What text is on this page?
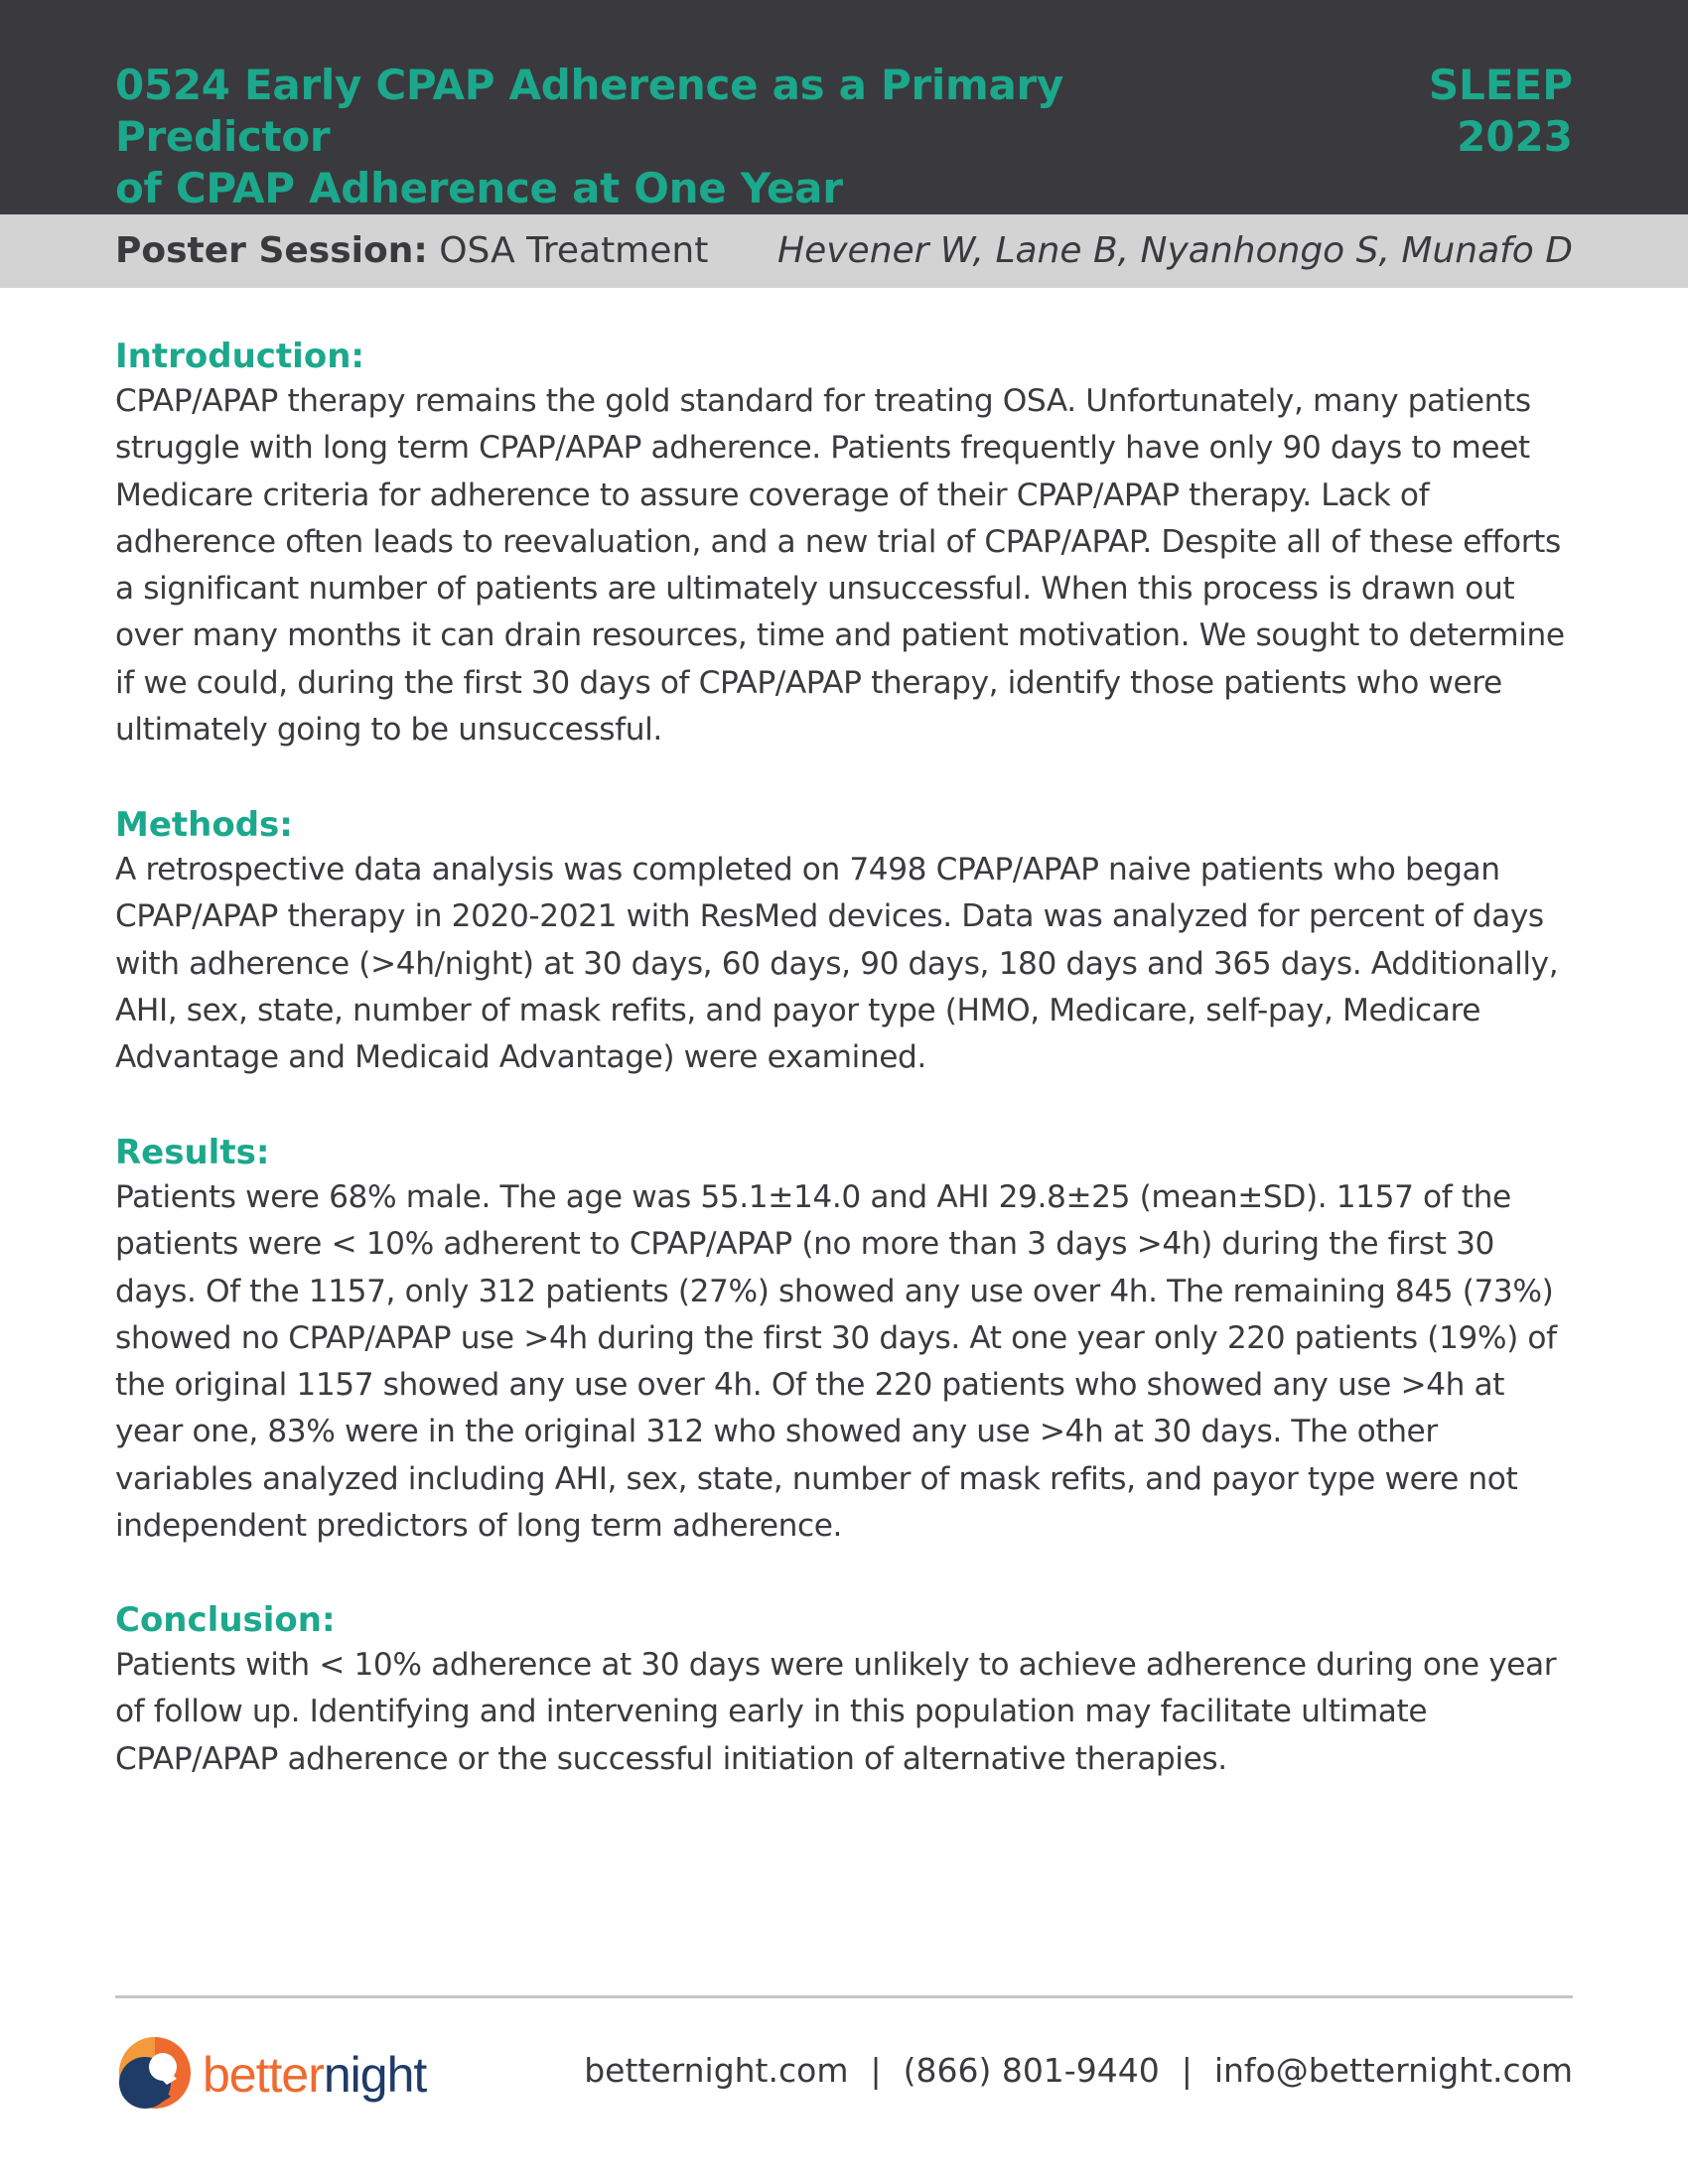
0524 Early CPAP Adherence as a Primary Predictor
of CPAP Adherence at One Year
SLEEP
2023
Poster Session: OSA Treatment Hevener W, Lane B, Nyanhongo S, Munafo D
Introduction:

CPAP/APAP therapy remains the gold standard for treating OSA. Unfortunately, many patients struggle with long term CPAP/APAP adherence. Patients frequently have only 90 days to meet Medicare criteria for adherence to assure coverage of their CPAP/APAP therapy. Lack of adherence often leads to reevaluation, and a new trial of CPAP/APAP. Despite all of these efforts a significant number of patients are ultimately unsuccessful. When this process is drawn out over many months it can drain resources, time and patient motivation. We sought to determine if we could, during the first 30 days of CPAP/APAP therapy, identify those patients who were ultimately going to be unsuccessful.

Methods:

A retrospective data analysis was completed on 7498 CPAP/APAP naive patients who began CPAP/APAP therapy in 2020-2021 with ResMed devices. Data was analyzed for percent of days with adherence (>4h/night) at 30 days, 60 days, 90 days, 180 days and 365 days. Additionally, AHI, sex, state, number of mask refits, and payor type (HMO, Medicare, self-pay, Medicare Advantage and Medicaid Advantage) were examined.

Results:

Patients were 68% male. The age was 55.1±14.0 and AHI 29.8±25 (mean±SD). 1157 of the patients were < 10% adherent to CPAP/APAP (no more than 3 days >4h) during the first 30 days. Of the 1157, only 312 patients (27%) showed any use over 4h. The remaining 845 (73%) showed no CPAP/APAP use >4h during the first 30 days. At one year only 220 patients (19%) of the original 1157 showed any use over 4h. Of the 220 patients who showed any use >4h at year one, 83% were in the original 312 who showed any use >4h at 30 days. The other variables analyzed including AHI, sex, state, number of mask refits, and payor type were not independent predictors of long term adherence.

Conclusion:

Patients with < 10% adherence at 30 days were unlikely to achieve adherence during one year of follow up. Identifying and intervening early in this population may facilitate ultimate CPAP/APAP adherence or the successful initiation of alternative therapies.

betternight	betternight.com | (866) 801-9440 | info@betternight.com
